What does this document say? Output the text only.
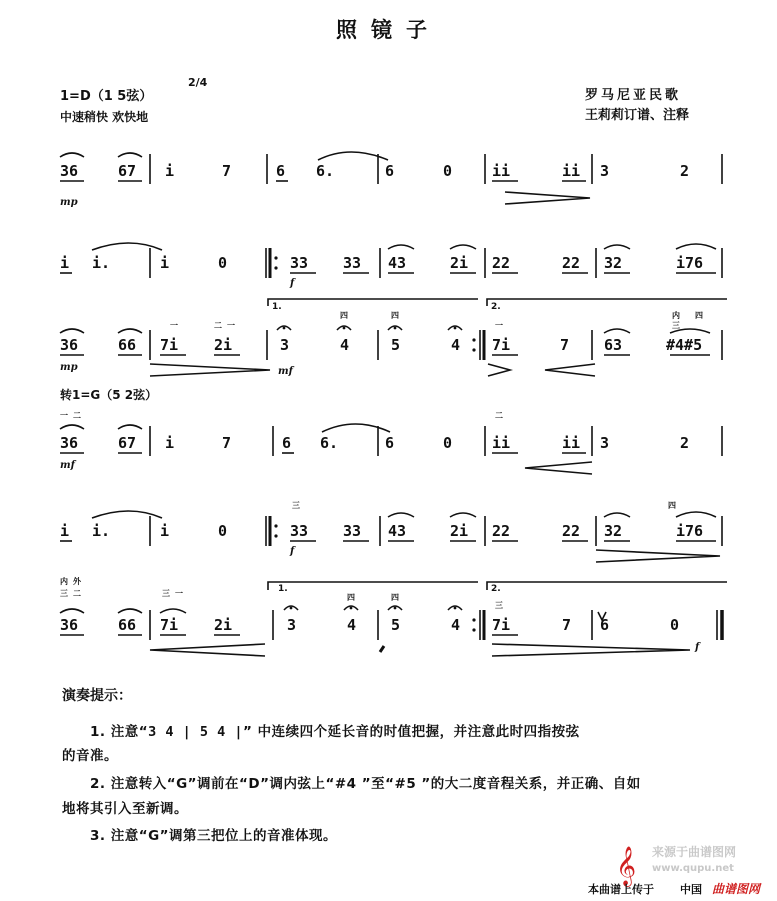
照镜子
1=D（1 5弦）
2/4
中速稍快 欢快地
罗马尼亚民歌
王莉莉订谱、注释
36	67 i	7	6 6.	6	0	ii	ii 3	2
mp
i i.	i	0	33 33 43	2i 22	22 32	i76
f
1.	2.
四	四	内 四
三
二 一
一	一
36	66 7i 2i	3	4	5	4 7i	7 63	#4#5
mp	mf
转1=G（5 2弦）
一 二	二
36	67 i	7	6 6.	6	0	ii	ii 3	2
mf
三	四
i i.	i	0	33 33 43	2i 22	22 32	i76
f
内 外
三 二	三 一	1.	2.
四	四
三
36	66 7i 2i	3	4 5	4 7i	7 6	0
f
演奏提示：
1. 注意“3 4 | 5 4 |” 中连续四个延长音的时值把握，并注意此时四指按弦
的音准。
2. 注意转入“G”调前在“D”调内弦上“#4 ”至“#5 ”的大二度音程关系，并正确、自如
地将其引入至新调。
3. 注意“G”调第三把位上的音准体现。
来源于曲谱图网
www.qupu.net
𝄞
本曲谱上传于 中国 曲谱图网
